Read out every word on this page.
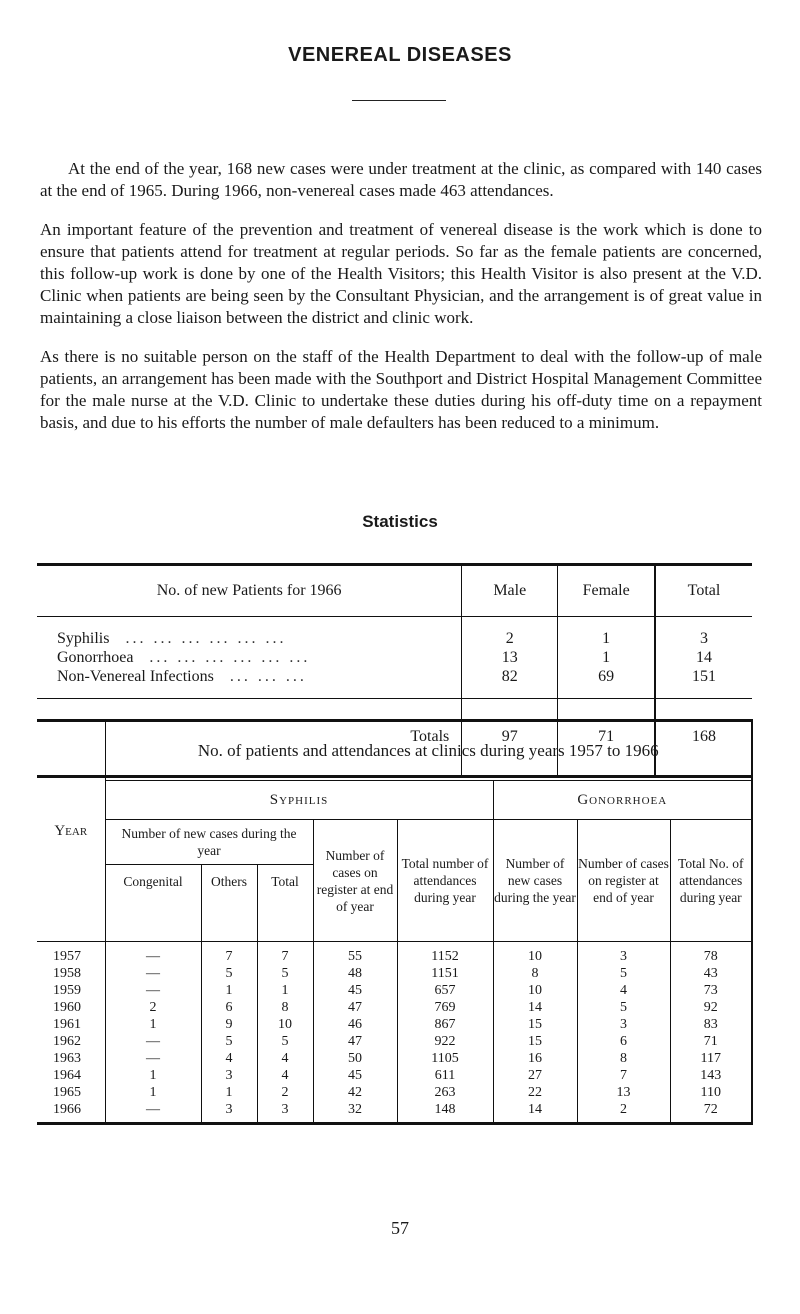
VENEREAL DISEASES

At the end of the year, 168 new cases were under treatment at the clinic, as compared with 140 cases at the end of 1965. During 1966, non-venereal cases made 463 attendances.

An important feature of the prevention and treatment of venereal disease is the work which is done to ensure that patients attend for treatment at regular periods. So far as the female patients are concerned, this follow-up work is done by one of the Health Visitors; this Health Visitor is also present at the V.D. Clinic when patients are being seen by the Consultant Physician, and the arrangement is of great value in maintaining a close liaison between the district and clinic work.

As there is no suitable person on the staff of the Health Department to deal with the follow-up of male patients, an arrangement has been made with the Southport and District Hospital Management Committee for the male nurse at the V.D. Clinic to undertake these duties during his off-duty time on a repayment basis, and due to his efforts the number of male defaulters has been reduced to a minimum.

Statistics
No. of new Patients for 1966	Male	Female	Total
Syphilis ... ... ... ... ... ...	2	1	3
Gonorrhoea ... ... ... ... ... ...	13	1	14
Non-Venereal Infections ... ... ...	82	69	151
Totals	97	71	168
Year	No. of patients and attendances at clinics during years 1957 to 1966							
	Syphilis					Gonorrhoea		
	Number of new cases during the year			Number of cases on register at end of year	Total number of attendances during year	Number of new cases during the year	Number of cases on register at end of year	Total No. of attendances during year
	Congenital	Others	Total					
1957	—	7	7	55	1152	10	3	78
1958	—	5	5	48	1151	8	5	43
1959	—	1	1	45	657	10	4	73
1960	2	6	8	47	769	14	5	92
1961	1	9	10	46	867	15	3	83
1962	—	5	5	47	922	15	6	71
1963	—	4	4	50	1105	16	8	117
1964	1	3	4	45	611	27	7	143
1965	1	1	2	42	263	22	13	110
1966	—	3	3	32	148	14	2	72
57
